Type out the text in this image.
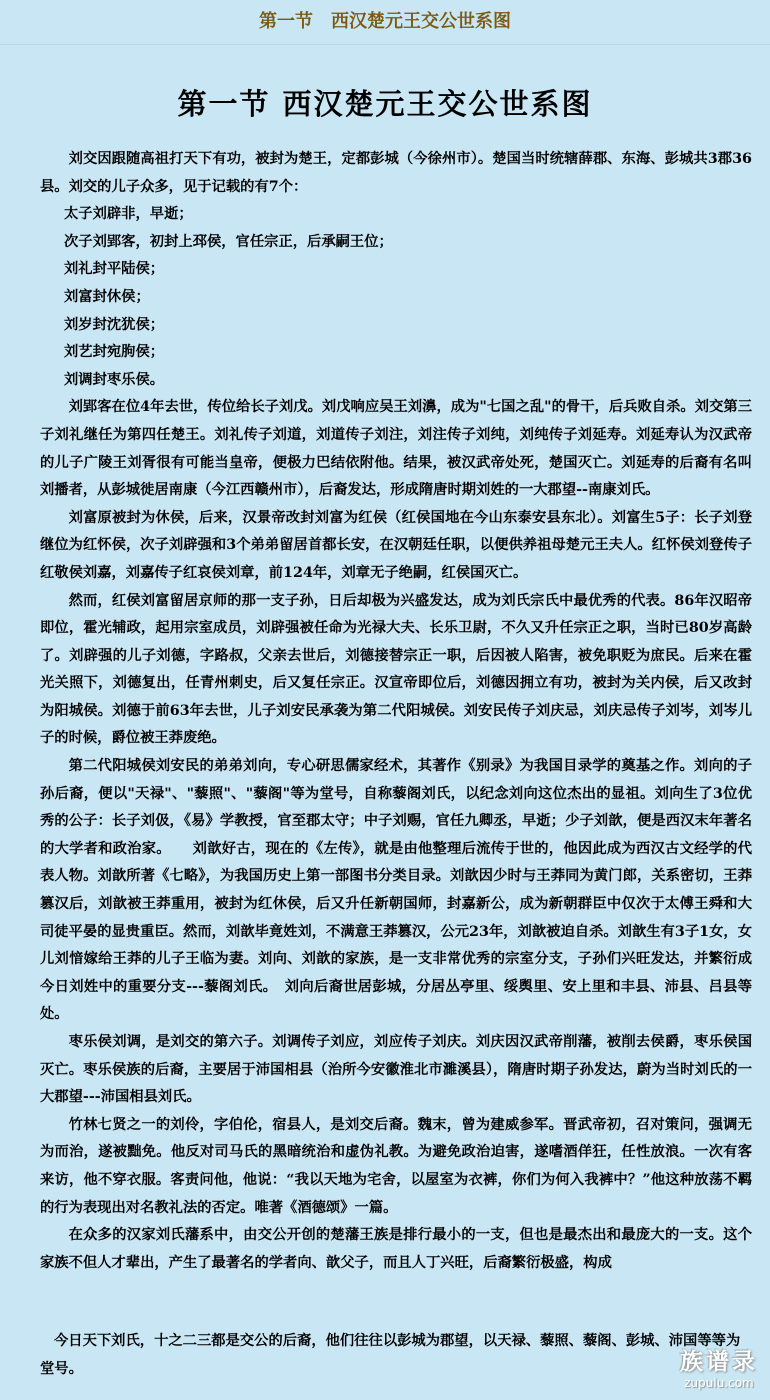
第一节　西汉楚元王交公世系图
第一节 西汉楚元王交公世系图

刘交因跟随高祖打天下有功，被封为楚王，定都彭城（今徐州市）。楚国当时统辖薛郡、东海、彭城共3郡36县。刘交的儿子众多，见于记载的有7个：

太子刘辟非，早逝；

次子刘郢客，初封上邳侯，官任宗正，后承嗣王位；

刘礼封平陆侯；

刘富封休侯；

刘岁封沈犹侯；

刘艺封宛朐侯；

刘调封枣乐侯。

刘郢客在位4年去世，传位给长子刘戊。刘戊响应吴王刘濞，成为"七国之乱"的骨干，后兵败自杀。刘交第三子刘礼继任为第四任楚王。刘礼传子刘道，刘道传子刘注，刘注传子刘纯，刘纯传子刘延寿。刘延寿认为汉武帝的儿子广陵王刘胥很有可能当皇帝，便极力巴结依附他。结果，被汉武帝处死，楚国灭亡。刘延寿的后裔有名叫刘播者，从彭城徙居南康（今江西赣州市），后裔发达，形成隋唐时期刘姓的一大郡望--南康刘氏。

刘富原被封为休侯，后来，汉景帝改封刘富为红侯（红侯国地在今山东泰安县东北）。刘富生5子：长子刘登继位为红怀侯，次子刘辟强和3个弟弟留居首都长安，在汉朝廷任职，以便供养祖母楚元王夫人。红怀侯刘登传子红敬侯刘嘉，刘嘉传子红哀侯刘章，前124年，刘章无子绝嗣，红侯国灭亡。

然而，红侯刘富留居京师的那一支子孙，日后却极为兴盛发达，成为刘氏宗氏中最优秀的代表。86年汉昭帝即位，霍光辅政，起用宗室成员，刘辟强被任命为光禄大夫、长乐卫尉，不久又升任宗正之职，当时已80岁高龄了。刘辟强的儿子刘德，字路叔，父亲去世后，刘德接替宗正一职，后因被人陷害，被免职贬为庶民。后来在霍光关照下，刘德复出，任青州刺史，后又复任宗正。汉宣帝即位后，刘德因拥立有功，被封为关内侯，后又改封为阳城侯。刘德于前63年去世，儿子刘安民承袭为第二代阳城侯。刘安民传子刘庆忌，刘庆忌传子刘岑，刘岑儿子的时候，爵位被王莽废绝。

第二代阳城侯刘安民的弟弟刘向，专心研思儒家经术，其著作《别录》为我国目录学的奠基之作。刘向的子孙后裔，便以"天禄"、"藜照"、"藜阁"等为堂号，自称藜阁刘氏，以纪念刘向这位杰出的显祖。刘向生了3位优秀的公子：长子刘伋，《易》学教授，官至郡太守；中子刘赐，官任九卿丞，早逝；少子刘歆，便是西汉末年著名的大学者和政治家。　　刘歆好古，现在的《左传》，就是由他整理后流传于世的，他因此成为西汉古文经学的代表人物。刘歆所著《七略》，为我国历史上第一部图书分类目录。刘歆因少时与王莽同为黄门郎，关系密切，王莽篡汉后，刘歆被王莽重用，被封为红休侯，后又升任新朝国师，封嘉新公，成为新朝群臣中仅次于太傅王舜和大司徒平晏的显贵重臣。然而，刘歆毕竟姓刘，不满意王莽篡汉，公元23年，刘歆被迫自杀。刘歆生有3子1女，女儿刘愔嫁给王莽的儿子王临为妻。刘向、刘歆的家族，是一支非常优秀的宗室分支，子孙们兴旺发达，并繁衍成今日刘姓中的重要分支---藜阁刘氏。　刘向后裔世居彭城，分居丛亭里、绥舆里、安上里和丰县、沛县、吕县等处。

枣乐侯刘调，是刘交的第六子。刘调传子刘应，刘应传子刘庆。刘庆因汉武帝削藩，被削去侯爵，枣乐侯国灭亡。枣乐侯族的后裔，主要居于沛国相县（治所今安徽淮北市濉溪县），隋唐时期子孙发达，蔚为当时刘氏的一大郡望---沛国相县刘氏。

竹林七贤之一的刘伶，字伯伦，宿县人，是刘交后裔。魏末，曾为建威参军。晋武帝初，召对策问，强调无为而治，遂被黜免。他反对司马氏的黑暗统治和虚伪礼教。为避免政治迫害，遂嗜酒佯狂，任性放浪。一次有客来访，他不穿衣服。客责问他，他说：“我以天地为宅舍，以屋室为衣裤，你们为何入我裤中？”他这种放荡不羁的行为表现出对名教礼法的否定。唯著《酒德颂》一篇。

在众多的汉家刘氏藩系中，由交公开创的楚藩王族是排行最小的一支，但也是最杰出和最庞大的一支。这个家族不但人才辈出，产生了最著名的学者向、歆父子，而且人丁兴旺，后裔繁衍极盛，构成

今日天下刘氏，十之二三都是交公的后裔，他们往往以彭城为郡望，以天禄、藜照、藜阁、彭城、沛国等等为堂号。	族谱录
zupulu.com
